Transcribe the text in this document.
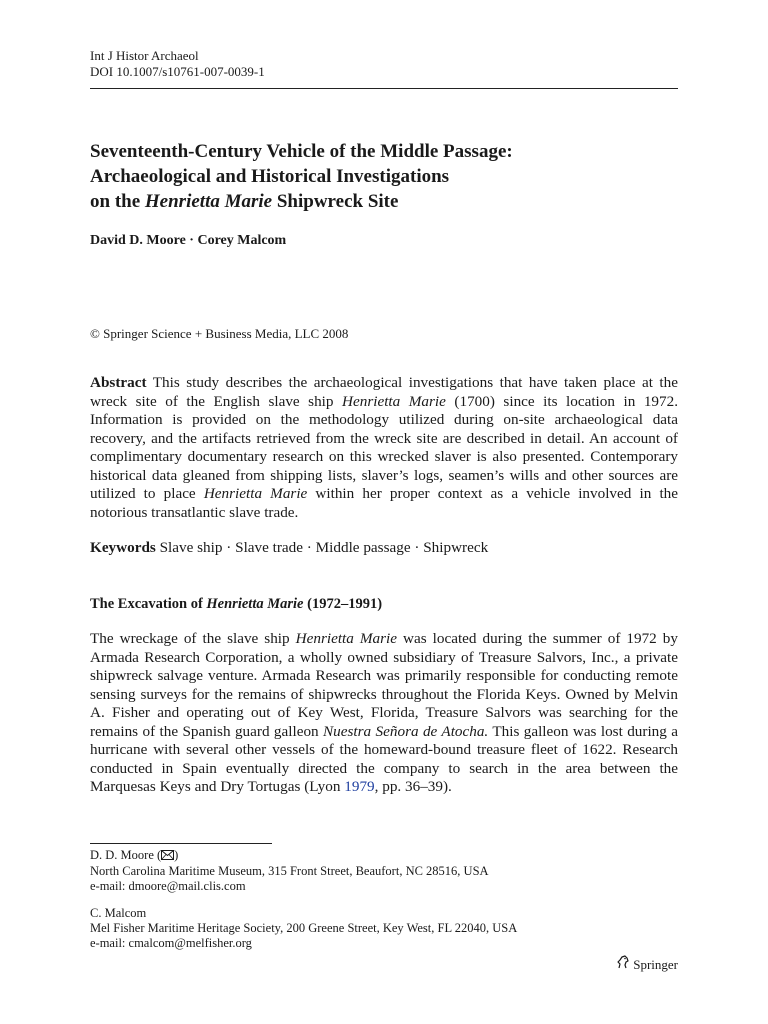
Int J Histor Archaeol
DOI 10.1007/s10761-007-0039-1
Seventeenth-Century Vehicle of the Middle Passage:
Archaeological and Historical Investigations
on the Henrietta Marie Shipwreck Site
David D. Moore · Corey Malcom
© Springer Science + Business Media, LLC 2008

Abstract This study describes the archaeological investigations that have taken place at the wreck site of the English slave ship Henrietta Marie (1700) since its location in 1972. Information is provided on the methodology utilized during on-site archaeological data recovery, and the artifacts retrieved from the wreck site are described in detail. An account of complimentary documentary research on this wrecked slaver is also presented. Contemporary historical data gleaned from shipping lists, slaver’s logs, seamen’s wills and other sources are utilized to place Henrietta Marie within her proper context as a vehicle involved in the notorious transatlantic slave trade.

Keywords Slave ship · Slave trade · Middle passage · Shipwreck

The Excavation of Henrietta Marie (1972–1991)

The wreckage of the slave ship Henrietta Marie was located during the summer of 1972 by Armada Research Corporation, a wholly owned subsidiary of Treasure Salvors, Inc., a private shipwreck salvage venture. Armada Research was primarily responsible for conducting remote sensing surveys for the remains of shipwrecks throughout the Florida Keys. Owned by Melvin A. Fisher and operating out of Key West, Florida, Treasure Salvors was searching for the remains of the Spanish guard galleon Nuestra Señora de Atocha. This galleon was lost during a hurricane with several other vessels of the homeward-bound treasure fleet of 1622. Research conducted in Spain eventually directed the company to search in the area between the Marquesas Keys and Dry Tortugas (Lyon 1979, pp. 36–39).

D. D. Moore ( )
North Carolina Maritime Museum, 315 Front Street, Beaufort, NC 28516, USA
e-mail: dmoore@mail.clis.com
C. Malcom
Mel Fisher Maritime Heritage Society, 200 Greene Street, Key West, FL 22040, USA
e-mail: cmalcom@melfisher.org
Springer
